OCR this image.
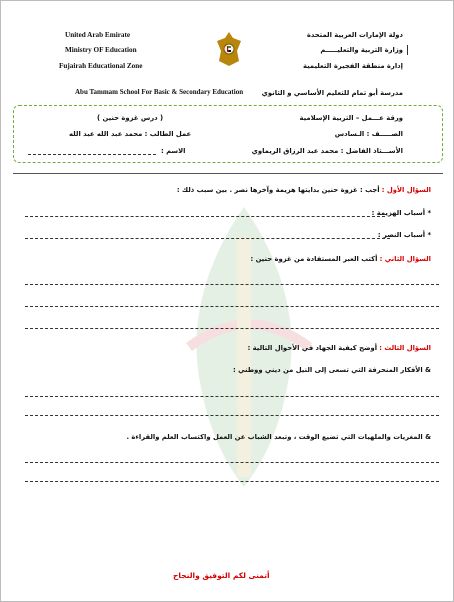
United Arab Emirate
Ministry OF Education
Fujairah Educational Zone
دولة الإمارات العربية المتحدة
وزارة التربية والتعليـــــم
إدارة منطقة الفجيرة التعليمية
Abu Tammam School For Basic & Secondary Education	مدرسة أبو تمام للتعليم الأساسي و الثانوي
ورقة عـــمل – التربية الإسلامية
الصـــــف : الـسادس
الأســـتاذ الفاضل : محمد عبد الرزاق الريماوي
( درس غزوة حنين )
عمل الطالب : محمد عبد الله عبد الله
الاسم :
السؤال الأول : أجب : غزوة حنين بدايتها هزيمة وآخرها نصر . بين سبب ذلك :
* أسباب الهزيمة :
* أسباب النصر :
السؤال الثاني : أكتب العبر المستفادة من غزوة حنين :
السؤال الثالث : أوضح كيفية الجهاد في الأحوال التالية :
& الأفكار المنحرفة التي تسعى إلى النيل من ديني ووطني :
& المغريات والملهيات التي تضيع الوقت ، وتبعد الشباب عن العمل واكتساب العلم والقراءة .
أتمنى لكم التوفيق والنجاح
